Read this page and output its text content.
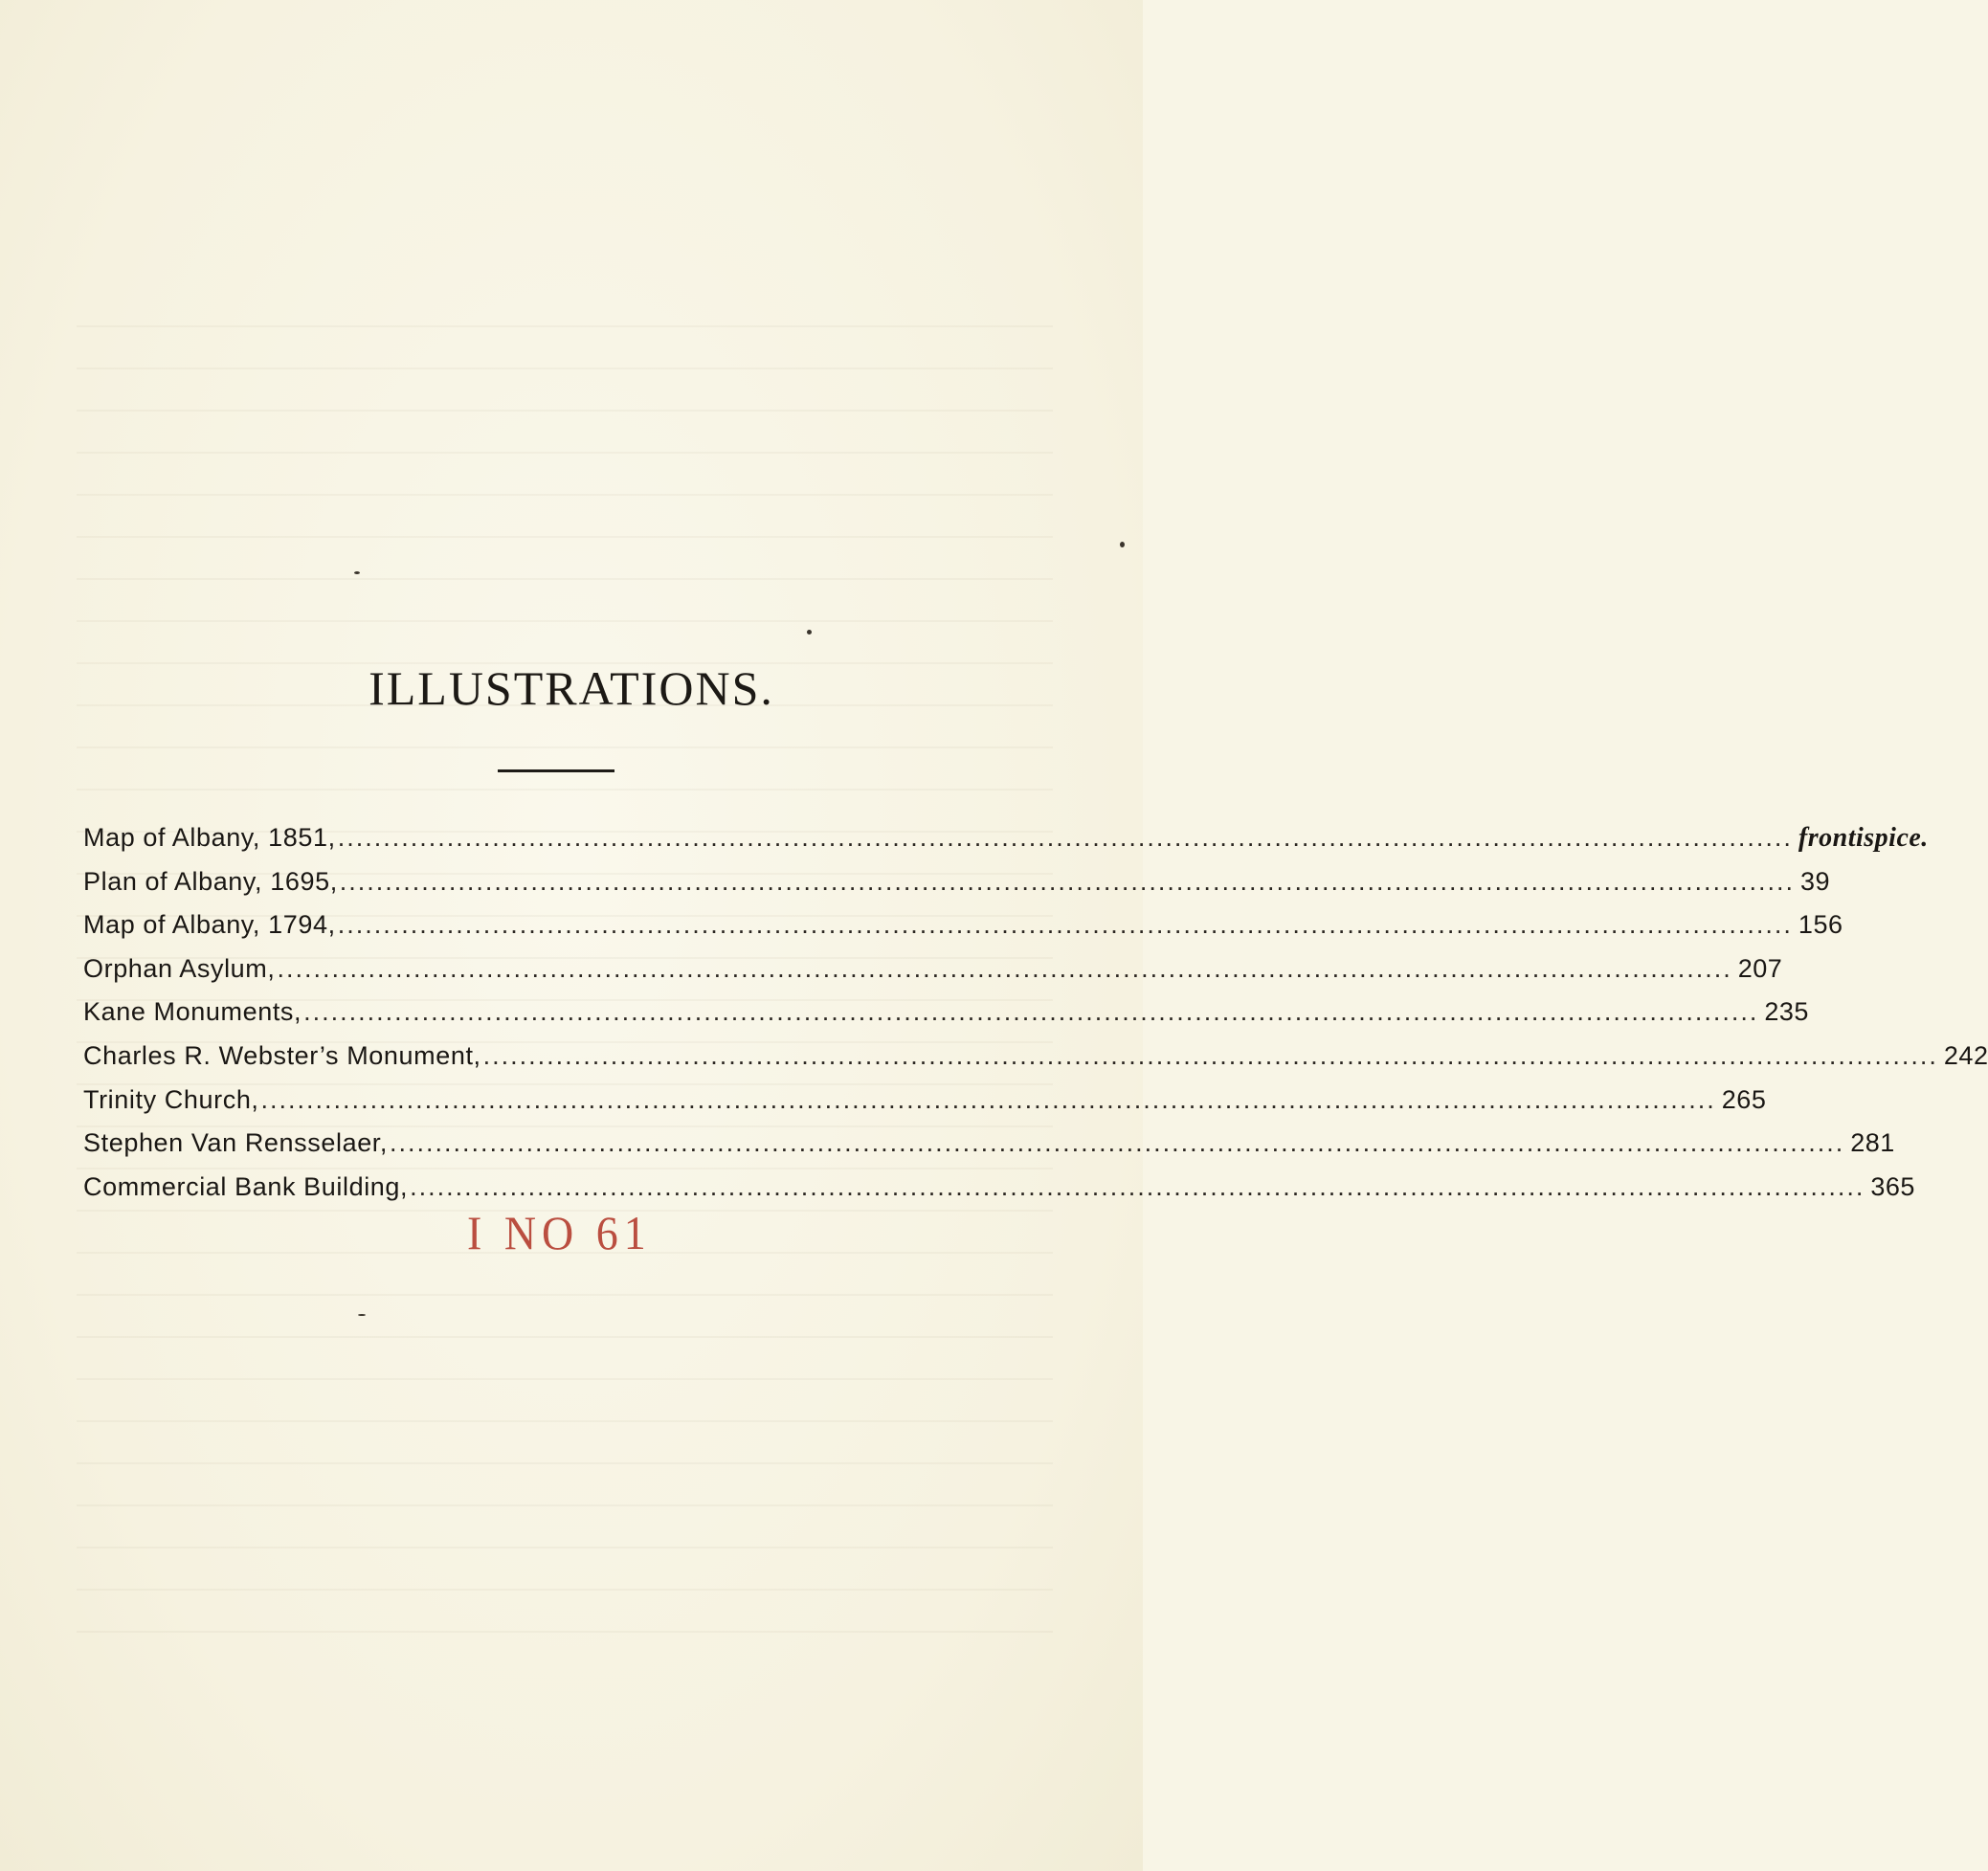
ILLUSTRATIONS.
Map of Albany, 1851, ................................................................................................................................................................ frontispice.
Plan of Albany, 1695, ................................................................................................................................................................ 39
Map of Albany, 1794, ................................................................................................................................................................ 156
Orphan Asylum, ................................................................................................................................................................ 207
Kane Monuments, ................................................................................................................................................................ 235
Charles R. Webster’s Monument, ................................................................................................................................................................ 242
Trinity Church, ................................................................................................................................................................ 265
Stephen Van Rensselaer, ................................................................................................................................................................ 281
Commercial Bank Building, ................................................................................................................................................................ 365
I NO 61
